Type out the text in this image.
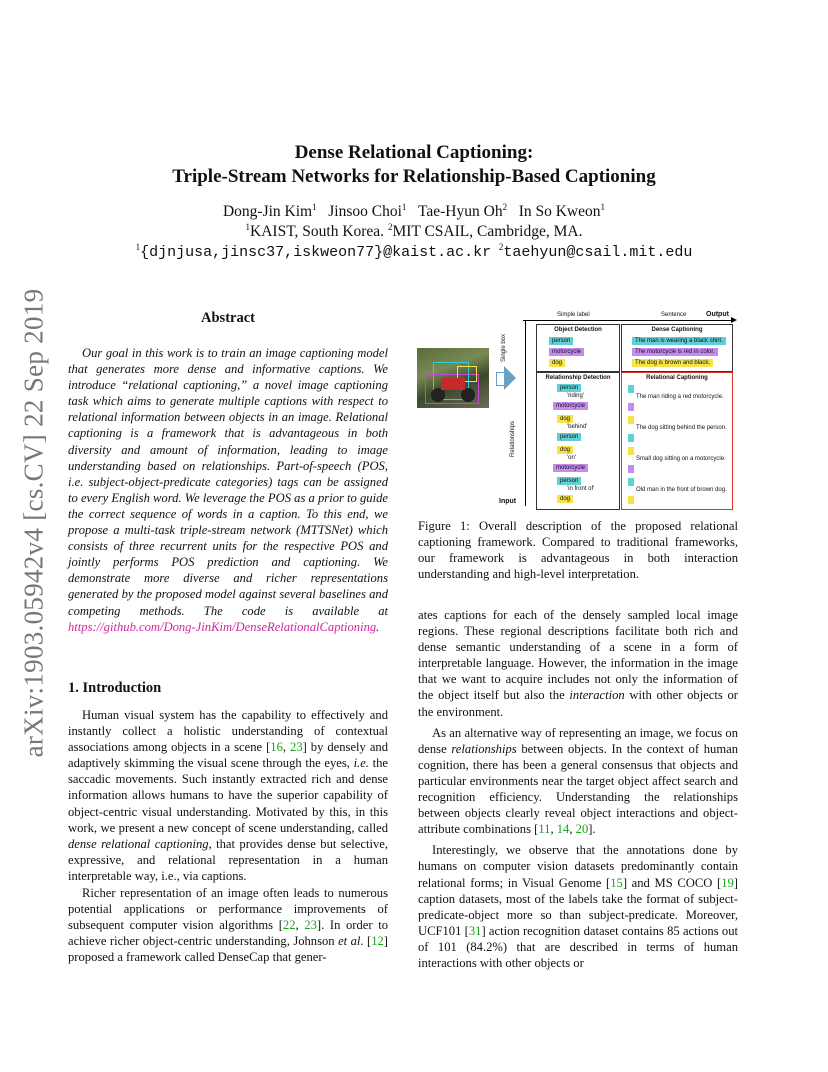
arXiv:1903.05942v4 [cs.CV] 22 Sep 2019
Dense Relational Captioning:
Triple-Stream Networks for Relationship-Based Captioning
Dong-Jin Kim$^1$ Jinsoo Choi$^1$ Tae-Hyun Oh$^2$ In So Kweon$^1$
$^1$KAIST, South Korea. $^2$MIT CSAIL, Cambridge, MA.
$^1${djnjusa,jinsc37,iskweon77}@kaist.ac.kr $^2$taehyun@csail.mit.edu
Abstract

Our goal in this work is to train an image captioning model that generates more dense and informative captions. We introduce “relational captioning,” a novel image captioning task which aims to generate multiple captions with respect to relational information between objects in an image. Relational captioning is a framework that is advantageous in both diversity and amount of information, leading to image understanding based on relationships. Part-of-speech (POS, i.e. subject-object-predicate categories) tags can be assigned to every English word. We leverage the POS as a prior to guide the correct sequence of words in a caption. To this end, we propose a multi-task triple-stream network (MTTSNet) which consists of three recurrent units for the respective POS and jointly performs POS prediction and captioning. We demonstrate more diverse and richer representations generated by the proposed model against several baselines and competing methods. The code is available at https://github.com/Dong-JinKim/DenseRelationalCaptioning.

1. Introduction

Human visual system has the capability to effectively and instantly collect a holistic understanding of contextual associations among objects in a scene [16, 23] by densely and adaptively skimming the visual scene through the eyes, i.e. the saccadic movements. Such instantly extracted rich and dense information allows humans to have the superior capability of object-centric visual understanding. Motivated by this, in this work, we present a new concept of scene understanding, called dense relational captioning, that provides dense but selective, expressive, and relational representation in a human interpretable way, i.e., via captions.

Richer representation of an image often leads to numerous potential applications or performance improvements of subsequent computer vision algorithms [22, 23]. In order to achieve richer object-centric understanding, Johnson et al. [12] proposed a framework called DenseCap that gener-

Simple label	Sentence	Output
Input
Single box
Relationships
Object Detection
person
motorcycle
dog
Dense Captioning
The man is wearing a black shirt.
The motorcycle is red in color.
The dog is brown and black.
Relationship Detection
person
'riding'
motorcycle
dog
'behind'
person
dog
'on'
motorcycle
person
'in front of'
dog
Relational Captioning
The man riding a red motorcycle.
The dog sitting behind the person.
Small dog sitting on a motorcycle.
Old man in the front of brown dog.
Figure 1: Overall description of the proposed relational captioning framework. Compared to traditional frameworks, our framework is advantageous in both interaction understanding and high-level interpretation.

ates captions for each of the densely sampled local image regions. These regional descriptions facilitate both rich and dense semantic understanding of a scene in a form of interpretable language. However, the information in the image that we want to acquire includes not only the information of the object itself but also the interaction with other objects or the environment.

As an alternative way of representing an image, we focus on dense relationships between objects. In the context of human cognition, there has been a general consensus that objects and particular environments near the target object affect search and recognition efficiency. Understanding the relationships between objects clearly reveal object interactions and object-attribute combinations [11, 14, 20].

Interestingly, we observe that the annotations done by humans on computer vision datasets predominantly contain relational forms; in Visual Genome [15] and MS COCO [19] caption datasets, most of the labels take the format of subject-predicate-object more so than subject-predicate. Moreover, UCF101 [31] action recognition dataset contains 85 actions out of 101 (84.2%) that are described in terms of human interactions with other objects or
